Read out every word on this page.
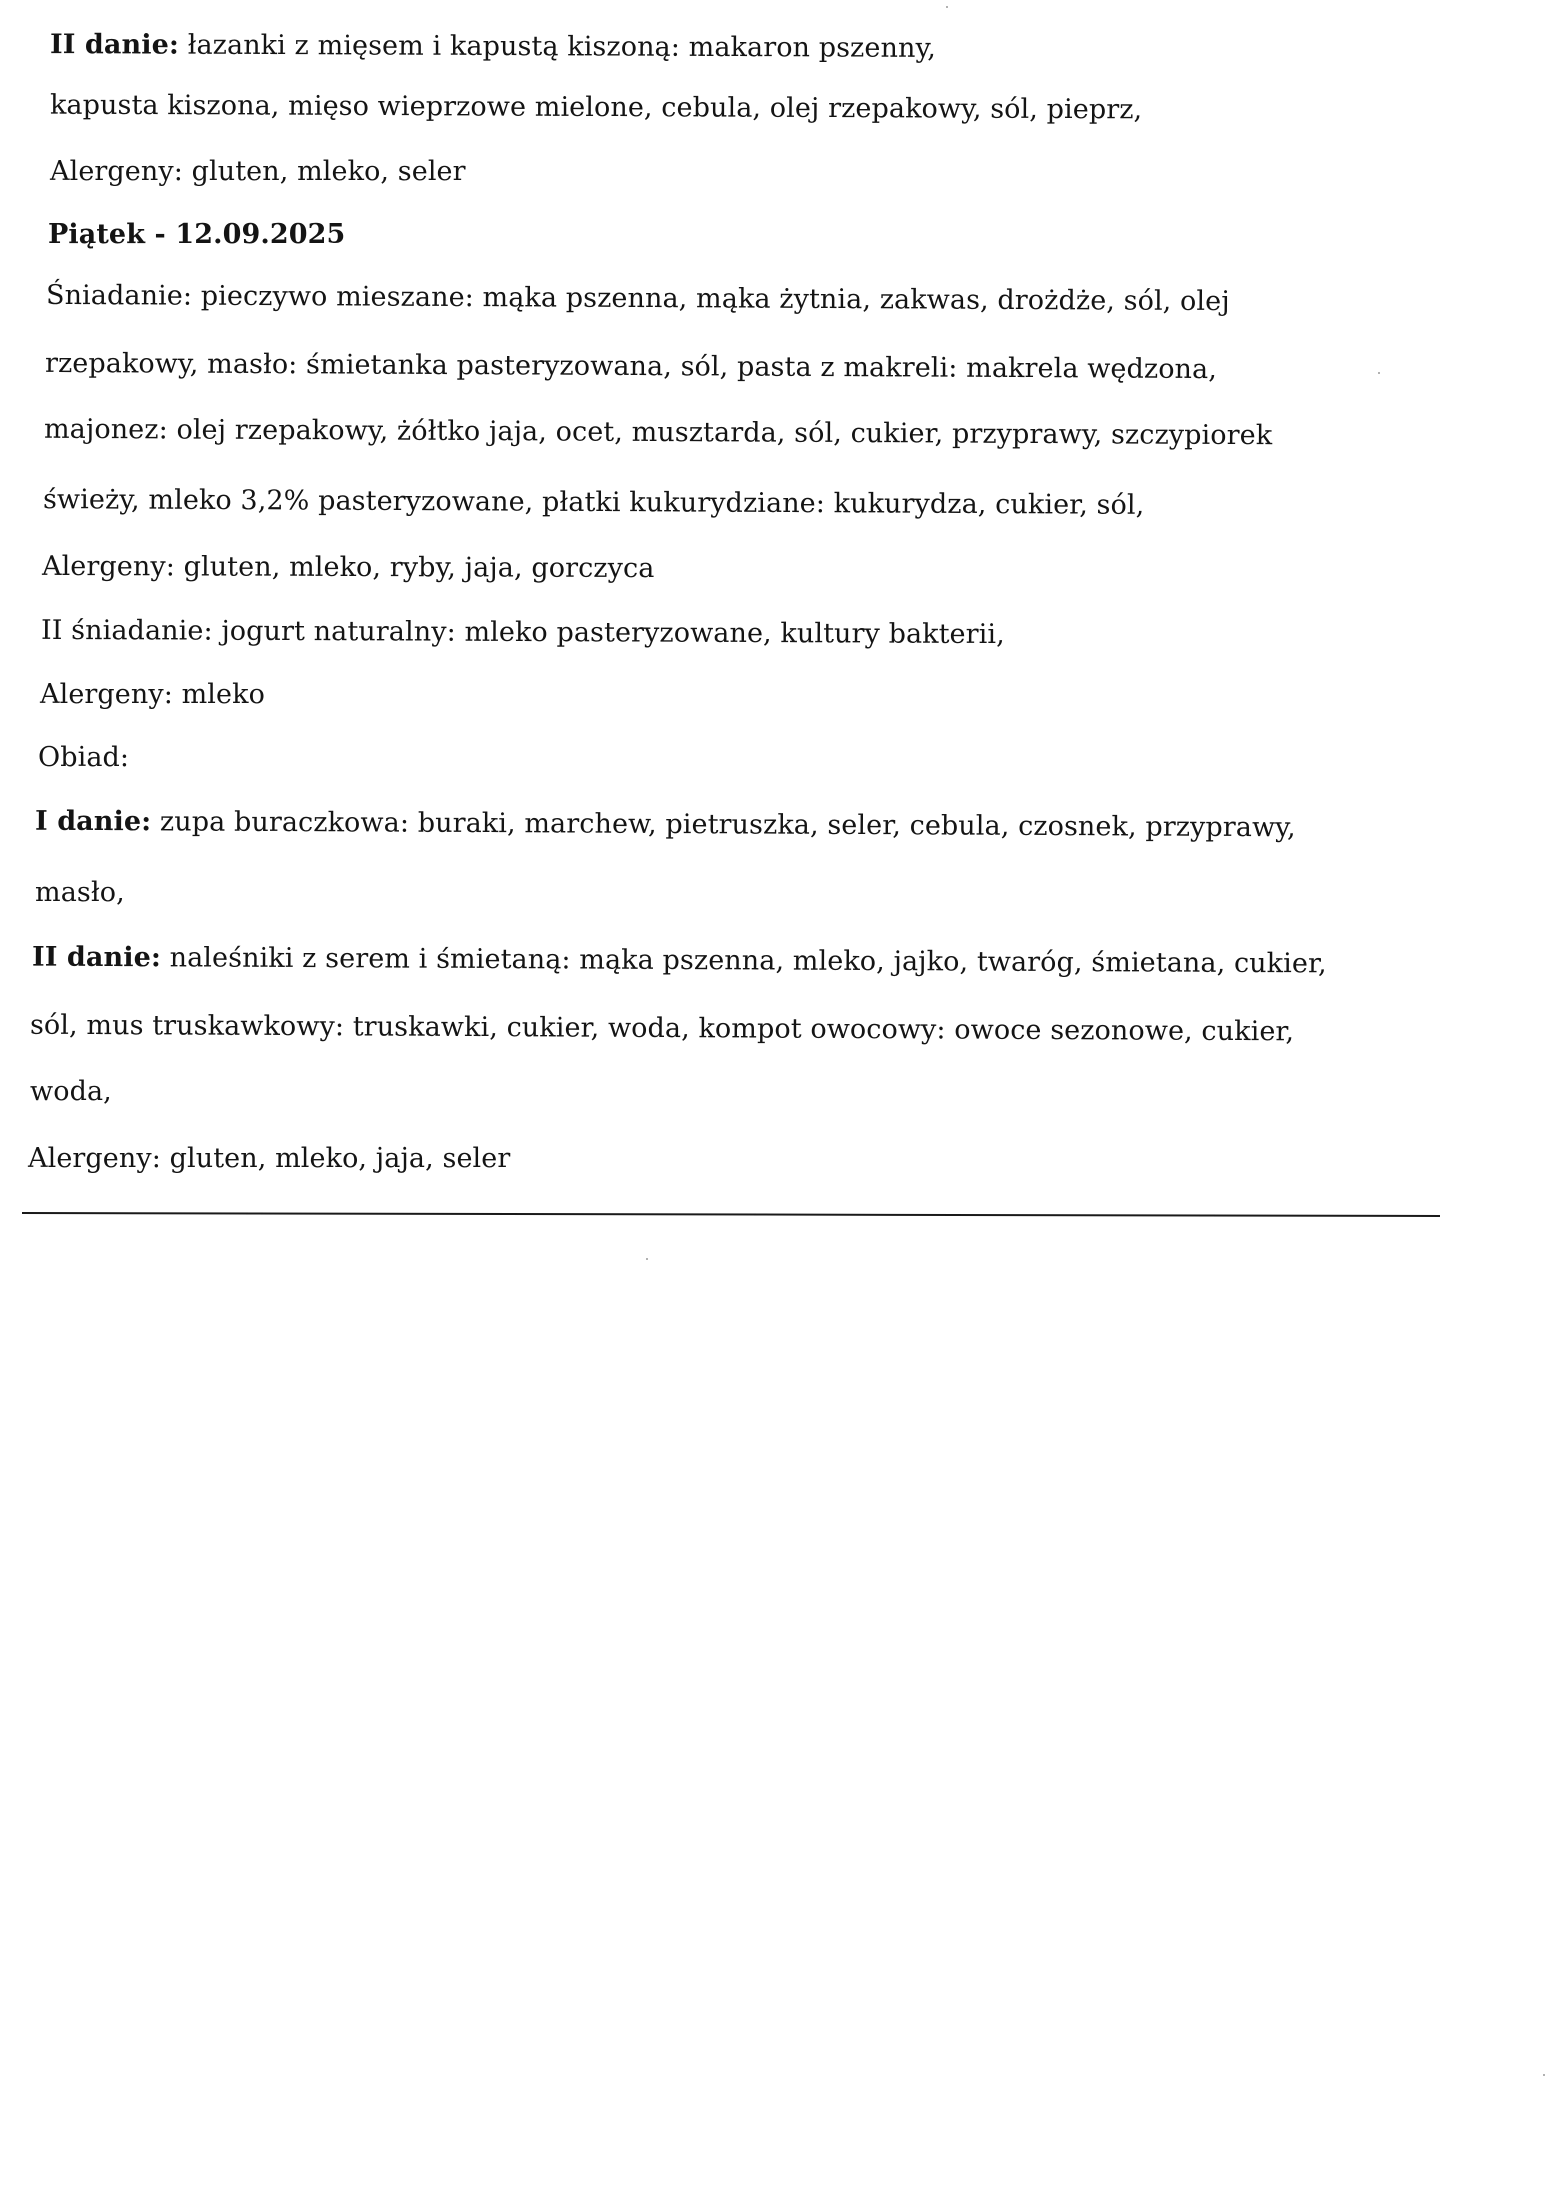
II danie: łazanki z mięsem i kapustą kiszoną: makaron pszenny,
kapusta kiszona, mięso wieprzowe mielone, cebula, olej rzepakowy, sól, pieprz,
Alergeny: gluten, mleko, seler
Piątek - 12.09.2025
Śniadanie: pieczywo mieszane: mąka pszenna, mąka żytnia, zakwas, drożdże, sól, olej
rzepakowy, masło: śmietanka pasteryzowana, sól, pasta z makreli: makrela wędzona,
majonez: olej rzepakowy, żółtko jaja, ocet, musztarda, sól, cukier, przyprawy, szczypiorek
świeży, mleko 3,2% pasteryzowane, płatki kukurydziane: kukurydza, cukier, sól,
Alergeny: gluten, mleko, ryby, jaja, gorczyca
II śniadanie: jogurt naturalny: mleko pasteryzowane, kultury bakterii,
Alergeny: mleko
Obiad:
I danie: zupa buraczkowa: buraki, marchew, pietruszka, seler, cebula, czosnek, przyprawy,
masło,
II danie: naleśniki z serem i śmietaną: mąka pszenna, mleko, jajko, twaróg, śmietana, cukier,
sól, mus truskawkowy: truskawki, cukier, woda, kompot owocowy: owoce sezonowe, cukier,
woda,
Alergeny: gluten, mleko, jaja, seler
